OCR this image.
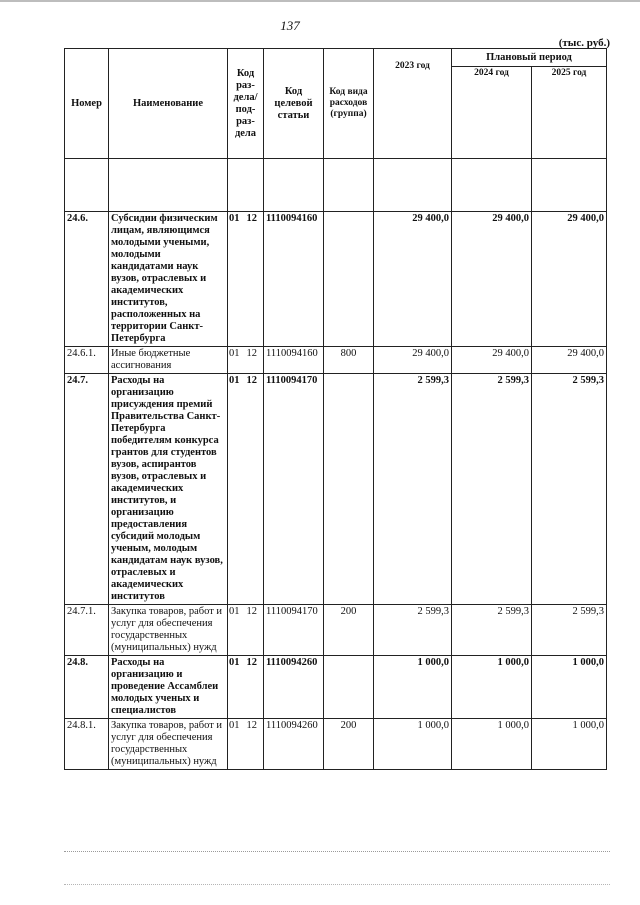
137
(тыс. руб.)
Номер	Наименование	Код раз-дела/ под-раз-дела	Код целевой статьи	Код вида расходов (группа)	2023 год	Плановый период	
						2024 год	2025 год

24.6.	Субсидии физическим лицам, являющимся молодыми учеными, молодыми кандидатами наук вузов, отраслевых и академических институтов, расположенных на территории Санкт-Петербурга	01 12	1110094160		29 400,0	29 400,0	29 400,0
24.6.1.	Иные бюджетные ассигнования	01 12	1110094160	800	29 400,0	29 400,0	29 400,0
24.7.	Расходы на организацию присуждения премий Правительства Санкт-Петербурга победителям конкурса грантов для студентов вузов, аспирантов вузов, отраслевых и академических институтов, и организацию предоставления субсидий молодым ученым, молодым кандидатам наук вузов, отраслевых и академических институтов	01 12	1110094170		2 599,3	2 599,3	2 599,3
24.7.1.	Закупка товаров, работ и услуг для обеспечения государственных (муниципальных) нужд	01 12	1110094170	200	2 599,3	2 599,3	2 599,3
24.8.	Расходы на организацию и проведение Ассамблеи молодых ученых и специалистов	01 12	1110094260		1 000,0	1 000,0	1 000,0
24.8.1.	Закупка товаров, работ и услуг для обеспечения государственных (муниципальных) нужд	01 12	1110094260	200	1 000,0	1 000,0	1 000,0
